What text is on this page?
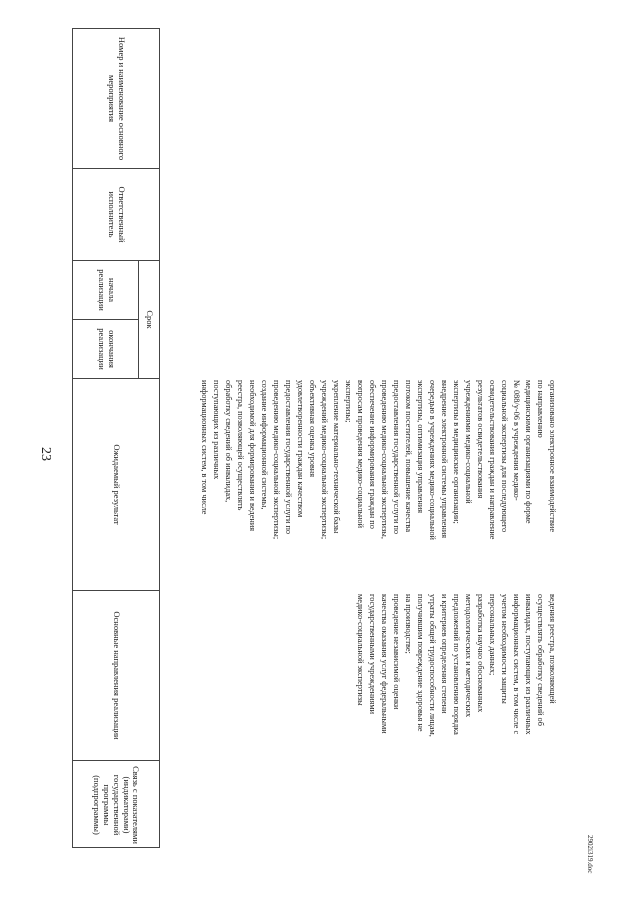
23
Номер и наименование основного мероприятия
Ответственный исполнитель
Срок
начала реализации
окончания реализации
Ожидаемый результат
Основные направления реализации
Связь с показателями (индикаторами) государственной программы (подпрограммы)
организовано электронное взаимодействие
по направлению
медицинскими организациями по форме
№ 088/у-06 в учреждения медико-
социальной экспертизы для последующего
освидетельствования граждан и направление
результатов освидетельствования
учреждениями медико-социальной
экспертизы в медицинские организации;
внедрение электронной системы управления
очередью в учреждениях медико-социальной
экспертизы, оптимизация управления
потоком посетителей, повышение качества
предоставления государственной услуги по
проведению медико-социальной экспертизы,
обеспечение информирования граждан по
вопросам проведения медико-социальной
экспертизы;
укрепление материально-технической базы
учреждений медико-социальной экспертизы;
объективная оценка уровня
удовлетворенности граждан качеством
предоставления государственной услуги по
проведению медико-социальной экспертизы;
создание информационной системы,
необходимой для формирования и ведения
реестра, позволяющей осуществлять
обработку сведений об инвалидах,
поступающих из различных
информационных систем, в том числе
ведения реестра, позволяющей
осуществлять обработку сведений об
инвалидах, поступающих из различных
информационных систем, в том числе с
учетом необходимости защиты
персональных данных;
разработка научно обоснованных
методологических и методических
предложений по установлению порядка
и критериев определения степени
утраты общей трудоспособности лицам,
получившим повреждение здоровья не
на производстве;
проведение независимой оценки
качества оказания услуг федеральными
государственными учреждениями
медико-социальной экспертизы
2902i319.doc
